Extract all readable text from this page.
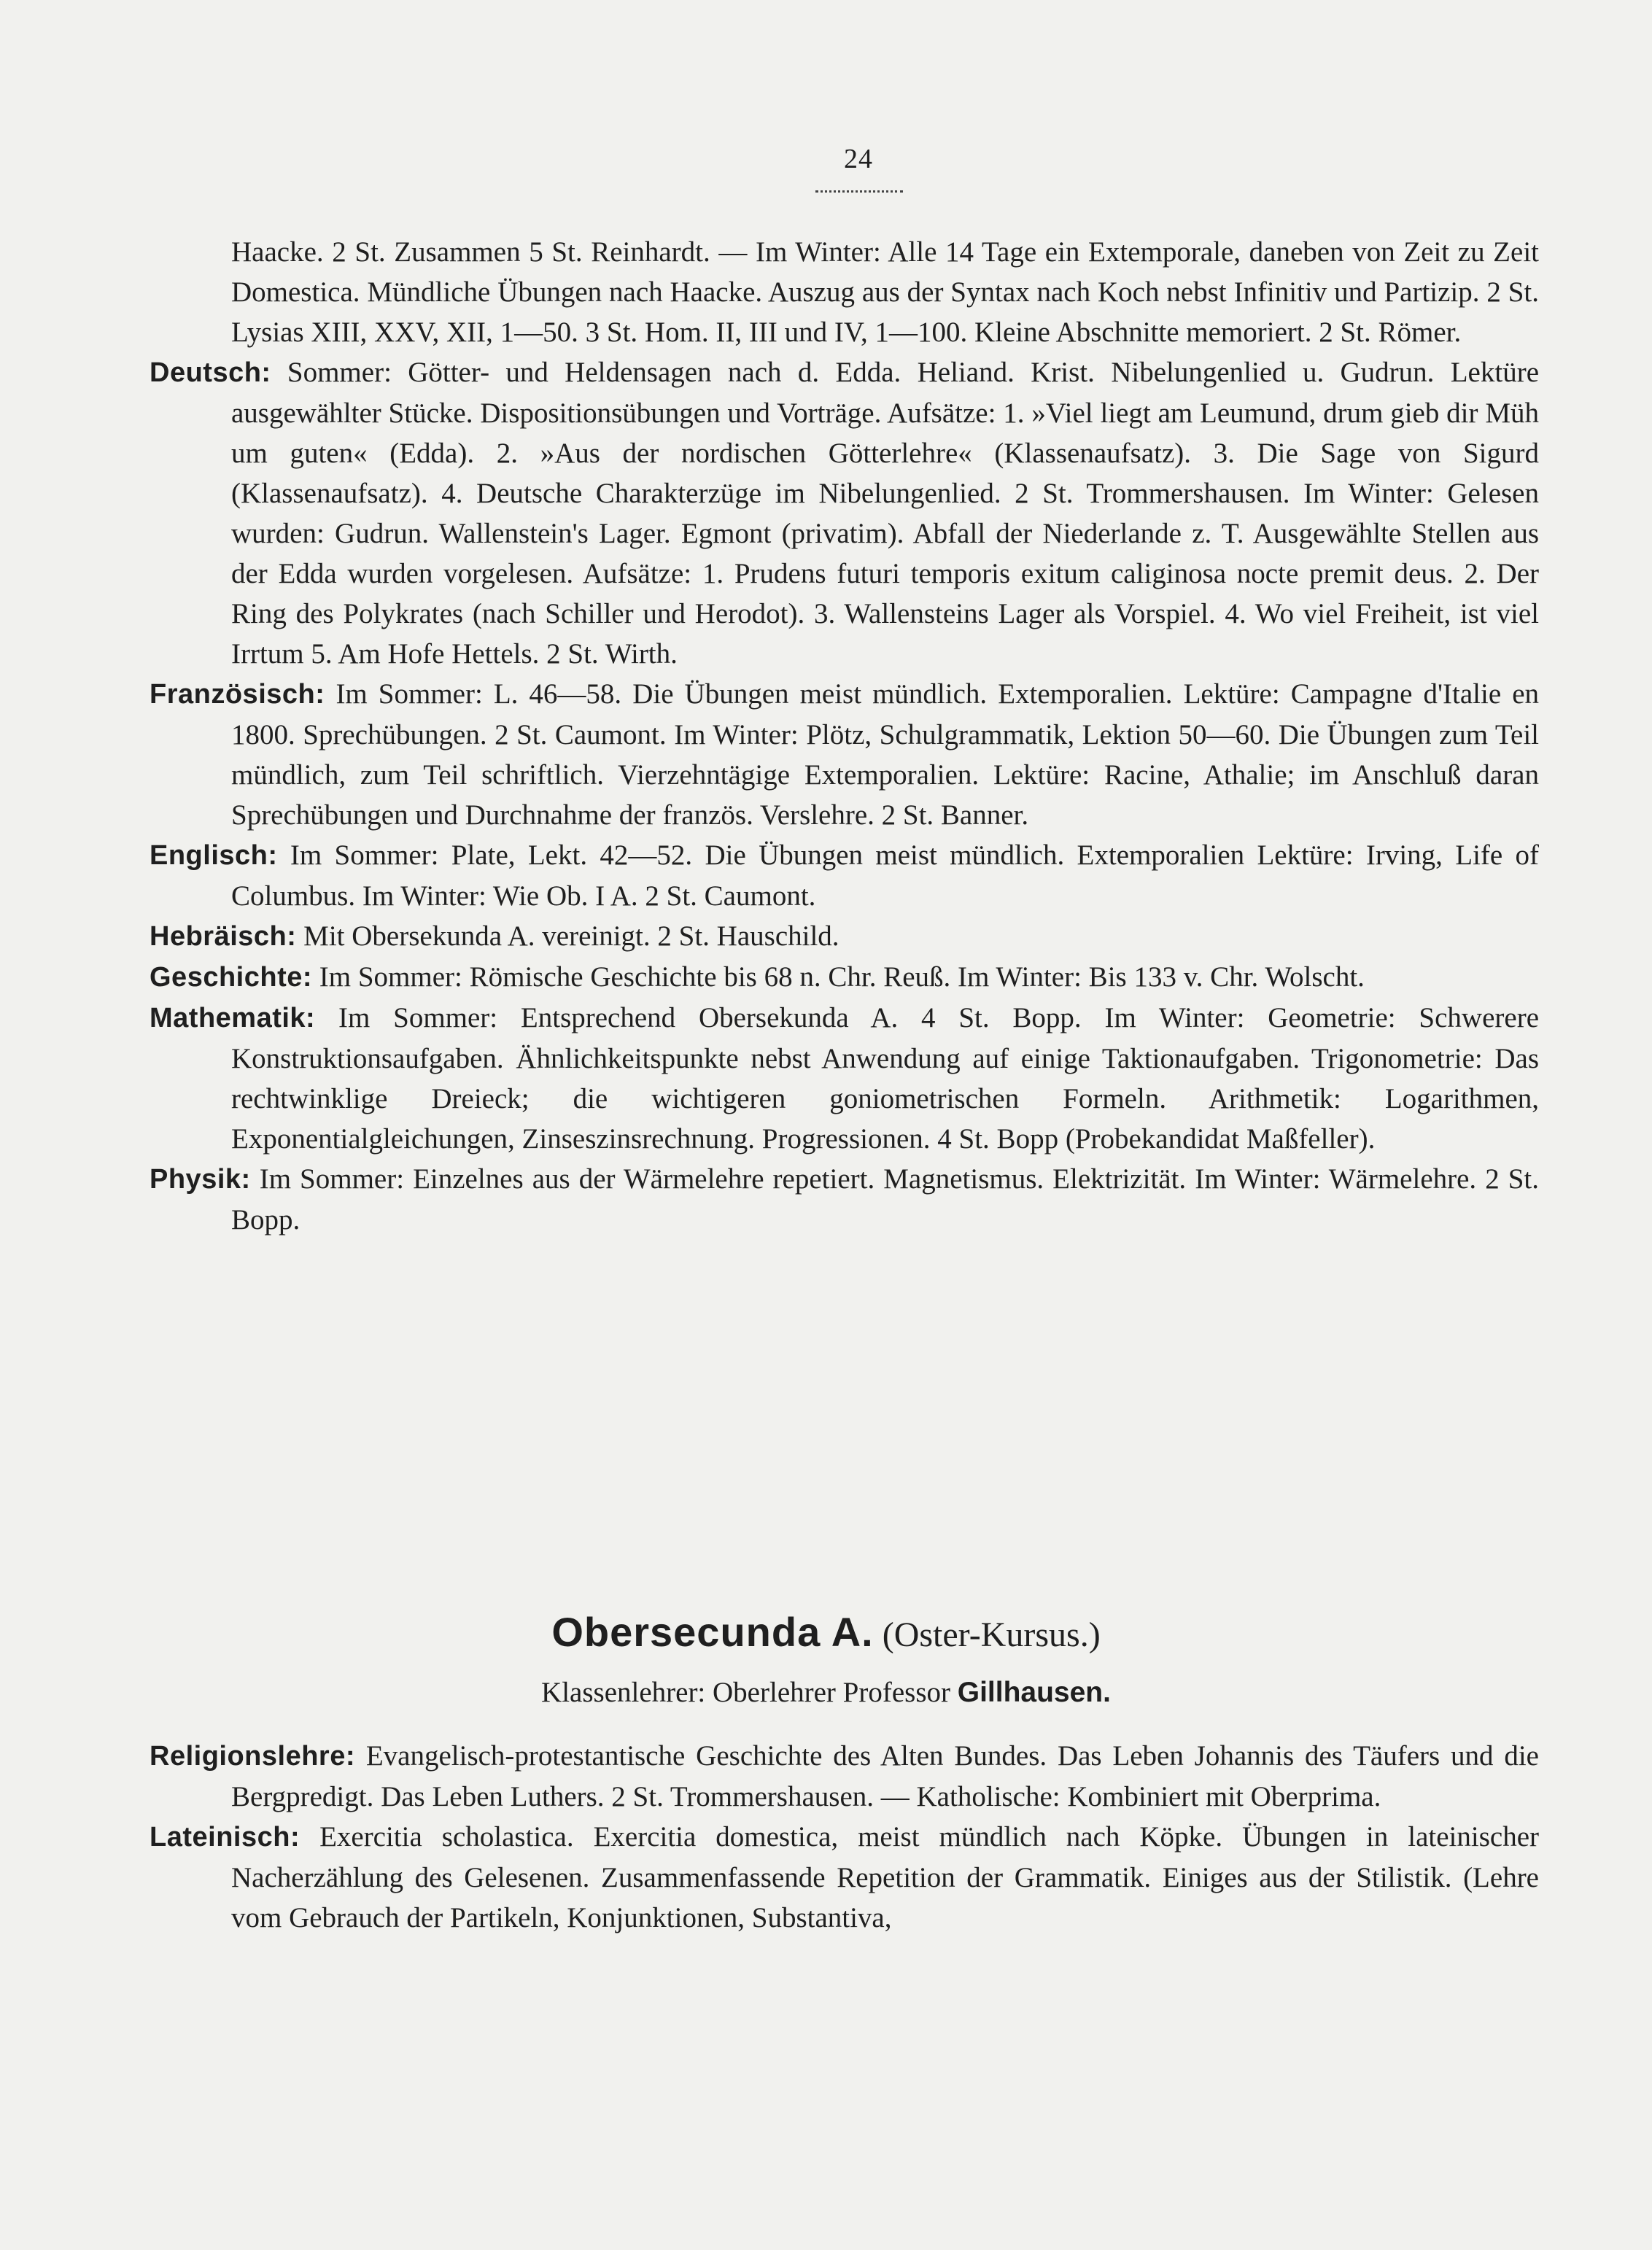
24

Haacke. 2 St. Zusammen 5 St. Reinhardt. — Im Winter: Alle 14 Tage ein Extemporale, daneben von Zeit zu Zeit Domestica. Mündliche Übungen nach Haacke. Auszug aus der Syntax nach Koch nebst Infinitiv und Partizip. 2 St. Lysias XIII, XXV, XII, 1—50. 3 St. Hom. II, III und IV, 1—100. Kleine Abschnitte memoriert. 2 St. Römer.

Deutsch: Sommer: Götter- und Heldensagen nach d. Edda. Heliand. Krist. Nibelungenlied u. Gudrun. Lektüre ausgewählter Stücke. Dispositionsübungen und Vorträge. Aufsätze: 1. »Viel liegt am Leumund, drum gieb dir Müh um guten« (Edda). 2. »Aus der nordischen Götterlehre« (Klassenaufsatz). 3. Die Sage von Sigurd (Klassenaufsatz). 4. Deutsche Charakterzüge im Nibelungenlied. 2 St. Trommershausen. Im Winter: Gelesen wurden: Gudrun. Wallenstein's Lager. Egmont (privatim). Abfall der Niederlande z. T. Ausgewählte Stellen aus der Edda wurden vorgelesen. Aufsätze: 1. Prudens futuri temporis exitum caliginosa nocte premit deus. 2. Der Ring des Polykrates (nach Schiller und Herodot). 3. Wallensteins Lager als Vorspiel. 4. Wo viel Freiheit, ist viel Irrtum 5. Am Hofe Hettels. 2 St. Wirth.

Französisch: Im Sommer: L. 46—58. Die Übungen meist mündlich. Extemporalien. Lektüre: Campagne d'Italie en 1800. Sprechübungen. 2 St. Caumont. Im Winter: Plötz, Schulgrammatik, Lektion 50—60. Die Übungen zum Teil mündlich, zum Teil schriftlich. Vierzehntägige Extemporalien. Lektüre: Racine, Athalie; im Anschluß daran Sprechübungen und Durchnahme der französ. Verslehre. 2 St. Banner.

Englisch: Im Sommer: Plate, Lekt. 42—52. Die Übungen meist mündlich. Extemporalien Lektüre: Irving, Life of Columbus. Im Winter: Wie Ob. I A. 2 St. Caumont.

Hebräisch: Mit Obersekunda A. vereinigt. 2 St. Hauschild.

Geschichte: Im Sommer: Römische Geschichte bis 68 n. Chr. Reuß. Im Winter: Bis 133 v. Chr. Wolscht.

Mathematik: Im Sommer: Entsprechend Obersekunda A. 4 St. Bopp. Im Winter: Geometrie: Schwerere Konstruktionsaufgaben. Ähnlichkeitspunkte nebst Anwendung auf einige Taktionaufgaben. Trigonometrie: Das rechtwinklige Dreieck; die wichtigeren goniometrischen Formeln. Arithmetik: Logarithmen, Exponentialgleichungen, Zinseszinsrechnung. Progressionen. 4 St. Bopp (Probekandidat Maßfeller).

Physik: Im Sommer: Einzelnes aus der Wärmelehre repetiert. Magnetismus. Elektrizität. Im Winter: Wärmelehre. 2 St. Bopp.

Obersecunda A. (Oster-Kursus.)
Klassenlehrer: Oberlehrer Professor Gillhausen.

Religionslehre: Evangelisch-protestantische Geschichte des Alten Bundes. Das Leben Johannis des Täufers und die Bergpredigt. Das Leben Luthers. 2 St. Trommershausen. — Katholische: Kombiniert mit Oberprima.

Lateinisch: Exercitia scholastica. Exercitia domestica, meist mündlich nach Köpke. Übungen in lateinischer Nacherzählung des Gelesenen. Zusammenfassende Repetition der Grammatik. Einiges aus der Stilistik. (Lehre vom Gebrauch der Partikeln, Konjunktionen, Substantiva,
